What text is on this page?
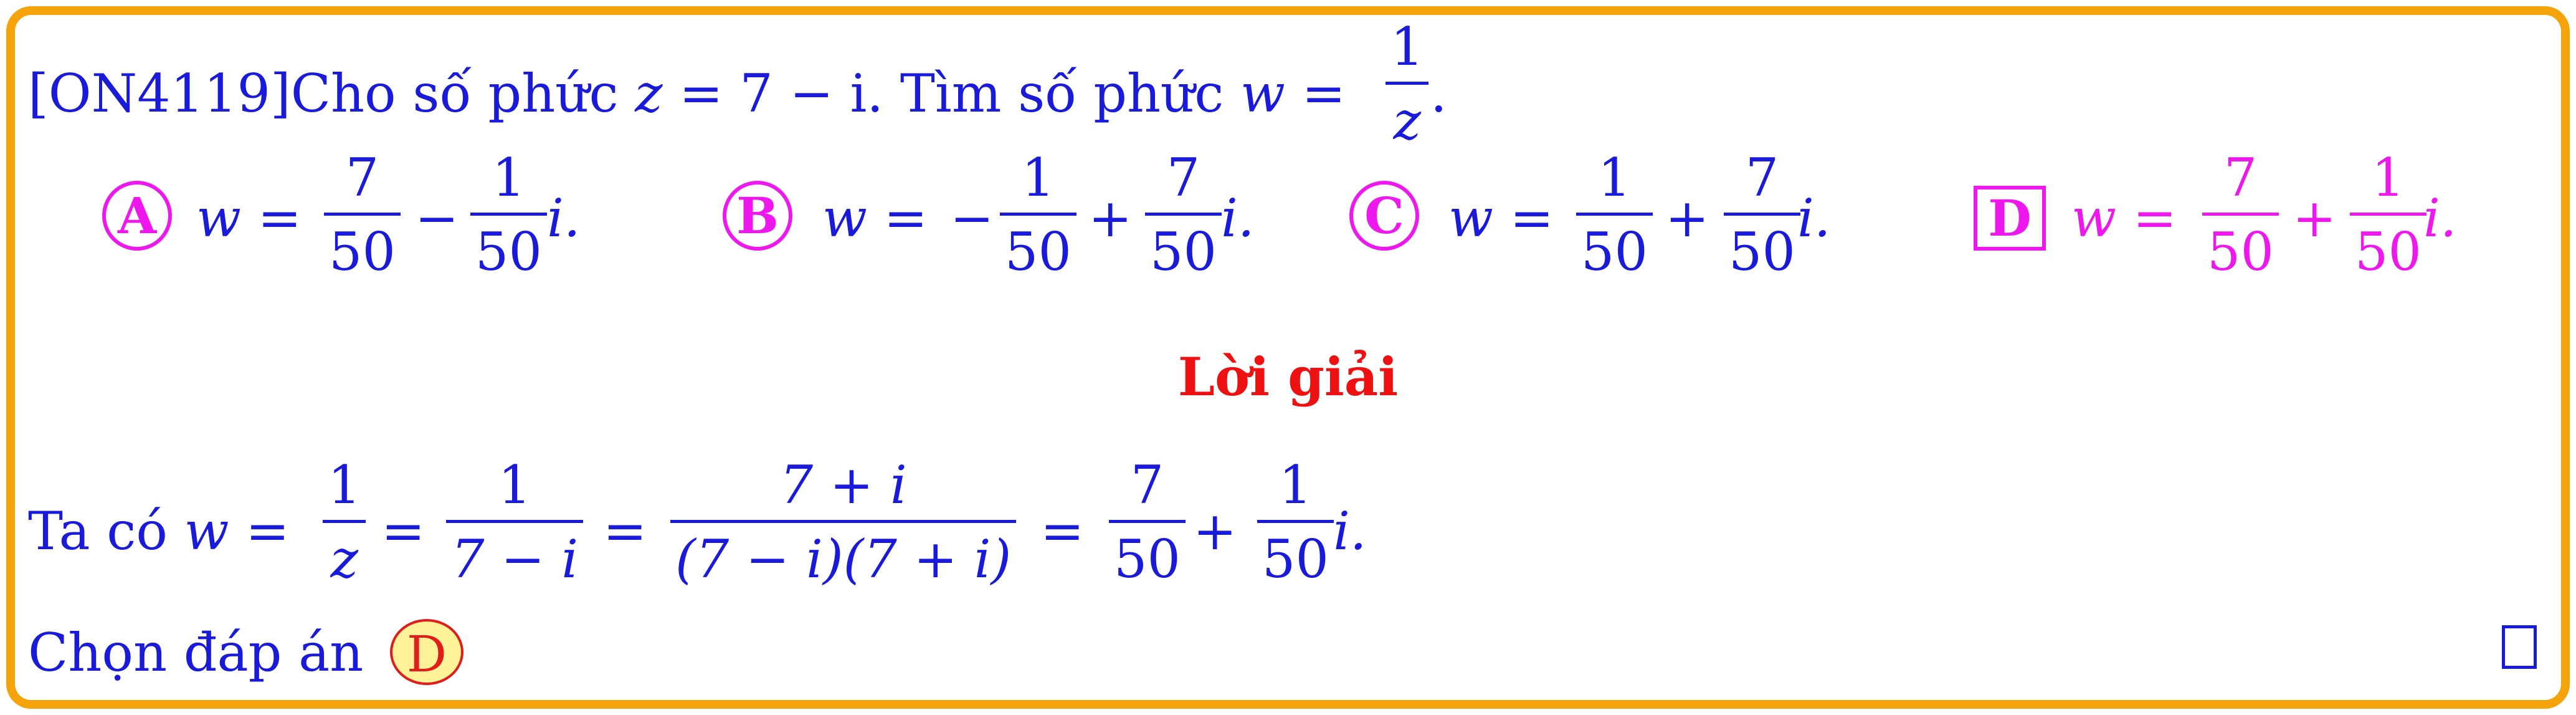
[ON4119]Cho số phức z = 7 − i. Tìm số phức w =
1
z .
A w =
7
50
−
1
50
i.	B w = −
1
50
+
7
50
i.	C w =
1
50
+
7
50
i.	D w =
7
50
+
1
50
i.
Lời giải
Ta có w =
1
z =
1
7 − i =
7 + i
(7 − i)(7 + i) =
7
50 +
1
50 i.
Chọn đáp án D
